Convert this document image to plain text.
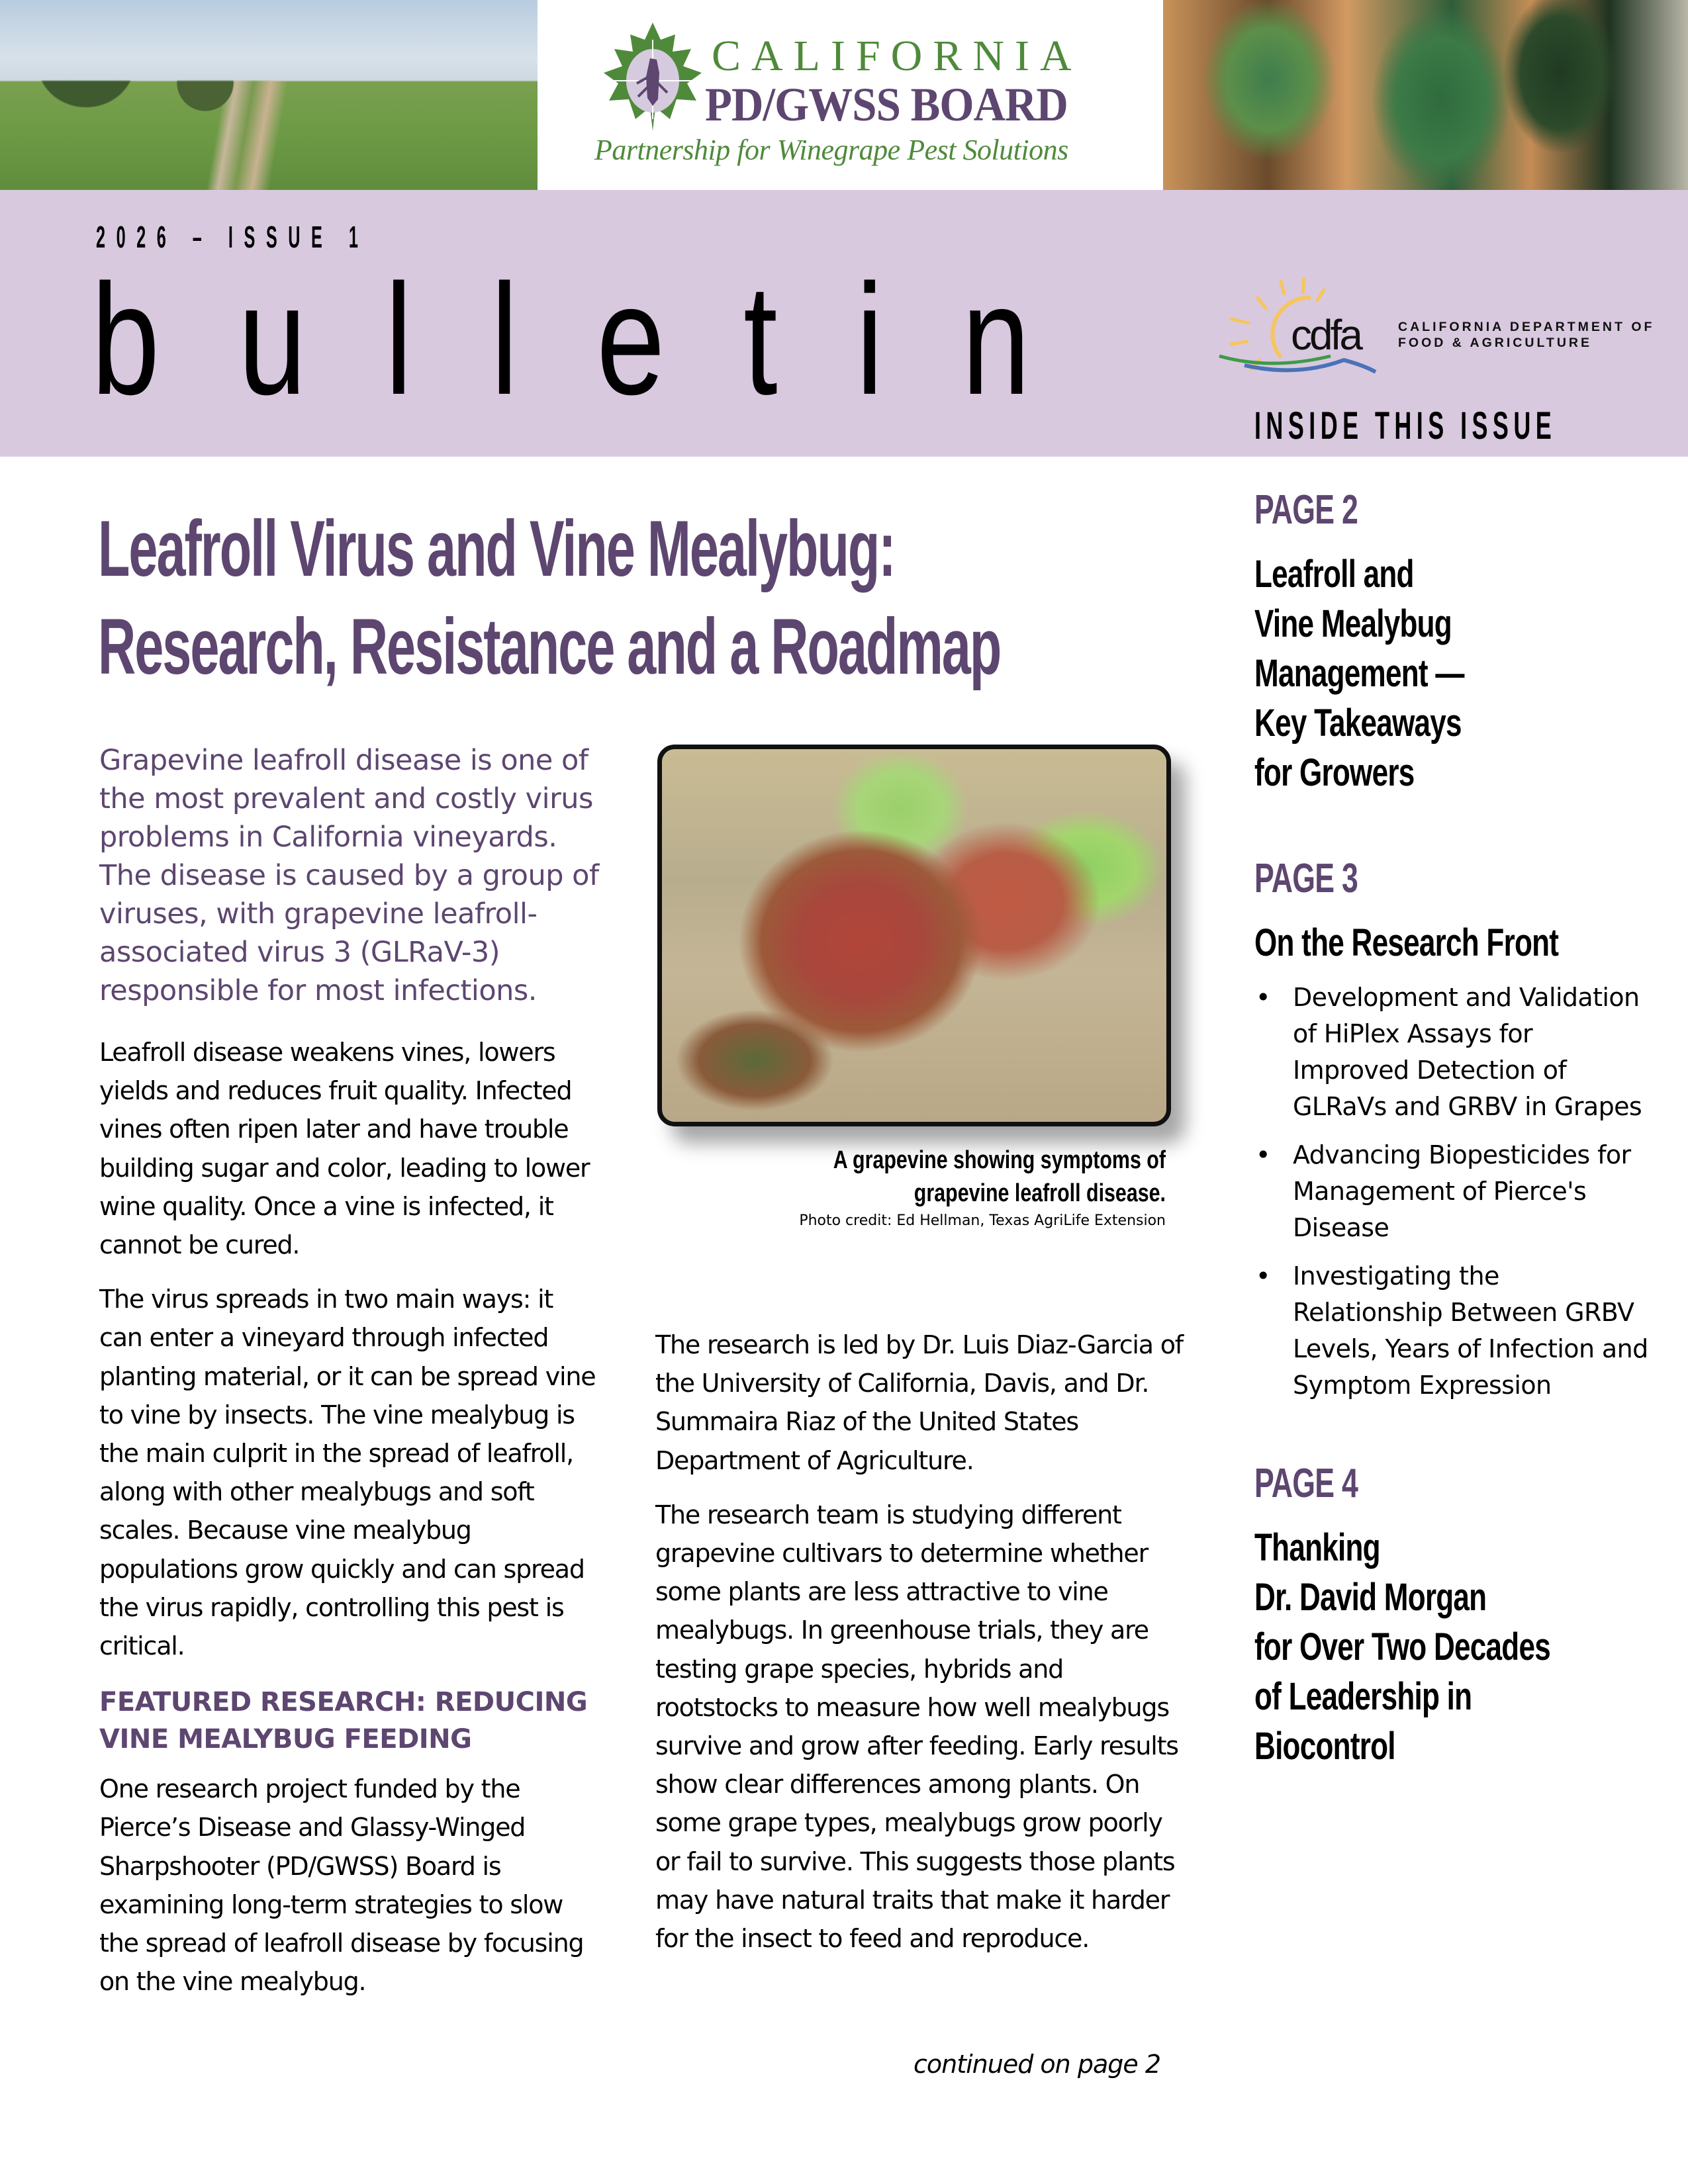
CALIFORNIA
PD/GWSS BOARD
Partnership for Winegrape Pest Solutions
2026 – ISSUE 1
bulletin	cdfa	CALIFORNIA DEPARTMENT OF
FOOD & AGRICULTURE
INSIDE THIS ISSUE
Leafroll Virus and Vine Mealybug:
Research, Resistance and a Roadmap

Grapevine leafroll disease is one of the most prevalent and costly virus problems in California vineyards. The disease is caused by a group of viruses, with grapevine leafroll-associated virus 3 (GLRaV-3) responsible for most infections.

Leafroll disease weakens vines, lowers yields and reduces fruit quality. Infected vines often ripen later and have trouble building sugar and color, leading to lower wine quality. Once a vine is infected, it cannot be cured.

The virus spreads in two main ways: it can enter a vineyard through infected planting material, or it can be spread vine to vine by insects. The vine mealybug is the main culprit in the spread of leafroll, along with other mealybugs and soft scales. Because vine mealybug populations grow quickly and can spread the virus rapidly, controlling this pest is critical.

FEATURED RESEARCH: REDUCING VINE MEALYBUG FEEDING

One research project funded by the Pierce’s Disease and Glassy-Winged Sharpshooter (PD/GWSS) Board is examining long-term strategies to slow the spread of leafroll disease by focusing on the vine mealybug.

A grapevine showing symptoms of grapevine leafroll disease.
Photo credit: Ed Hellman, Texas AgriLife Extension

The research is led by Dr. Luis Diaz-Garcia of the University of California, Davis, and Dr. Summaira Riaz of the United States Department of Agriculture.

The research team is studying different grapevine cultivars to determine whether some plants are less attractive to vine mealybugs. In greenhouse trials, they are testing grape species, hybrids and rootstocks to measure how well mealybugs survive and grow after feeding. Early results show clear differences among plants. On some grape types, mealybugs grow poorly or fail to survive. This suggests those plants may have natural traits that make it harder for the insect to feed and reproduce.

continued on page 2
PAGE 2
Leafroll and
Vine Mealybug
Management —
Key Takeaways
for Growers
PAGE 3
On the Research Front
• Development and Validation of HiPlex Assays for Improved Detection of GLRaVs and GRBV in Grapes
• Advancing Biopesticides for Management of Pierce's Disease
• Investigating the Relationship Between GRBV Levels, Years of Infection and Symptom Expression
PAGE 4
Thanking
Dr. David Morgan
for Over Two Decades
of Leadership in
Biocontrol
